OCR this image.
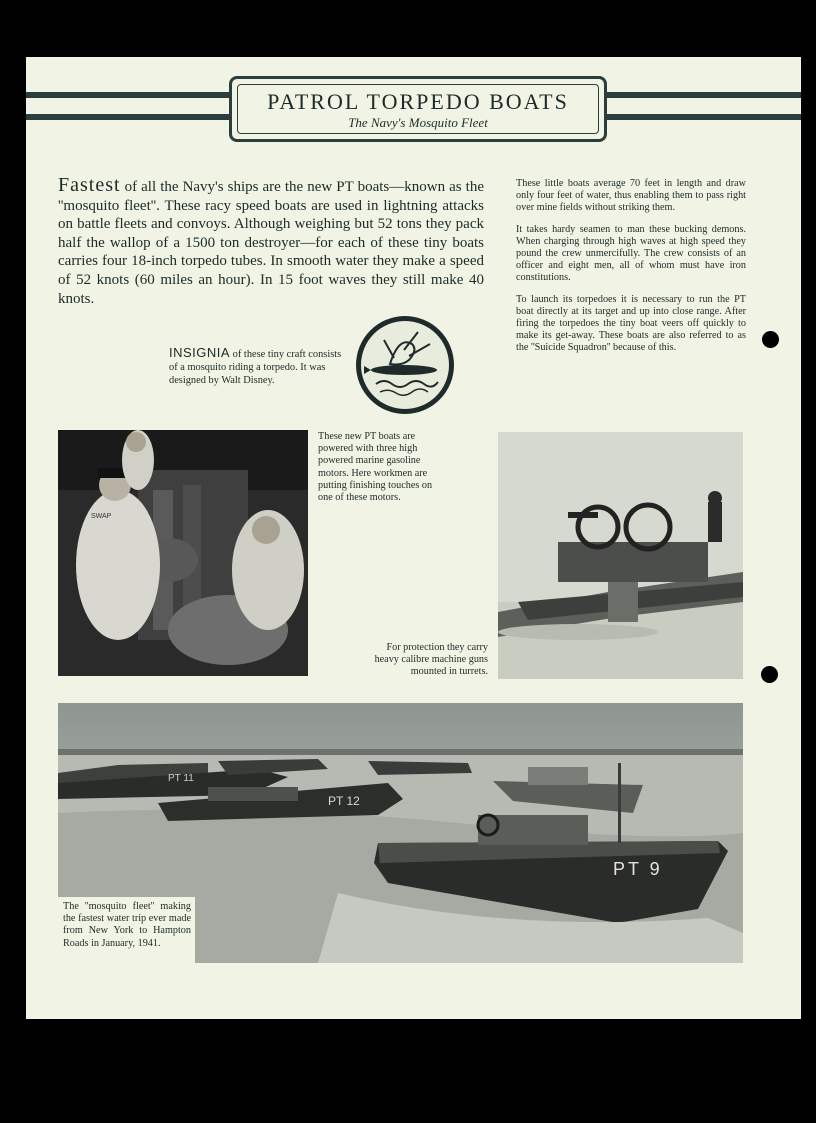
PATROL TORPEDO BOATS
The Navy's Mosquito Fleet

Fastest of all the Navy's ships are the new PT boats—known as the ''mosquito fleet''. These racy speed boats are used in lightning attacks on battle fleets and convoys. Although weighing but 52 tons they pack half the wallop of a 1500 ton destroyer—for each of these tiny boats carries four 18-inch torpedo tubes. In smooth water they make a speed of 52 knots (60 miles an hour). In 15 foot waves they still make 40 knots.

These little boats average 70 feet in length and draw only four feet of water, thus enabling them to pass right over mine fields without striking them.

It takes hardy seamen to man these bucking demons. When charging through high waves at high speed they pound the crew unmercifully. The crew consists of an officer and eight men, all of whom must have iron constitutions.

To launch its torpedoes it is necessary to run the PT boat directly at its target and up into close range. After firing the torpedoes the tiny boat veers off quickly to make its get-away. These boats are also referred to as the ''Suicide Squadron'' because of this.

INSIGNIA of these tiny craft consists of a mosquito riding a torpedo. It was designed by Walt Disney.
SWAP
These new PT boats are powered with three high powered marine gasoline motors. Here workmen are putting finishing touches on one of these motors.
For protection they carry heavy calibre machine guns mounted in turrets.
PT 12
PT 11
PT 9
The ''mosquito fleet'' making the fastest water trip ever made from New York to Hampton Roads in January, 1941.
